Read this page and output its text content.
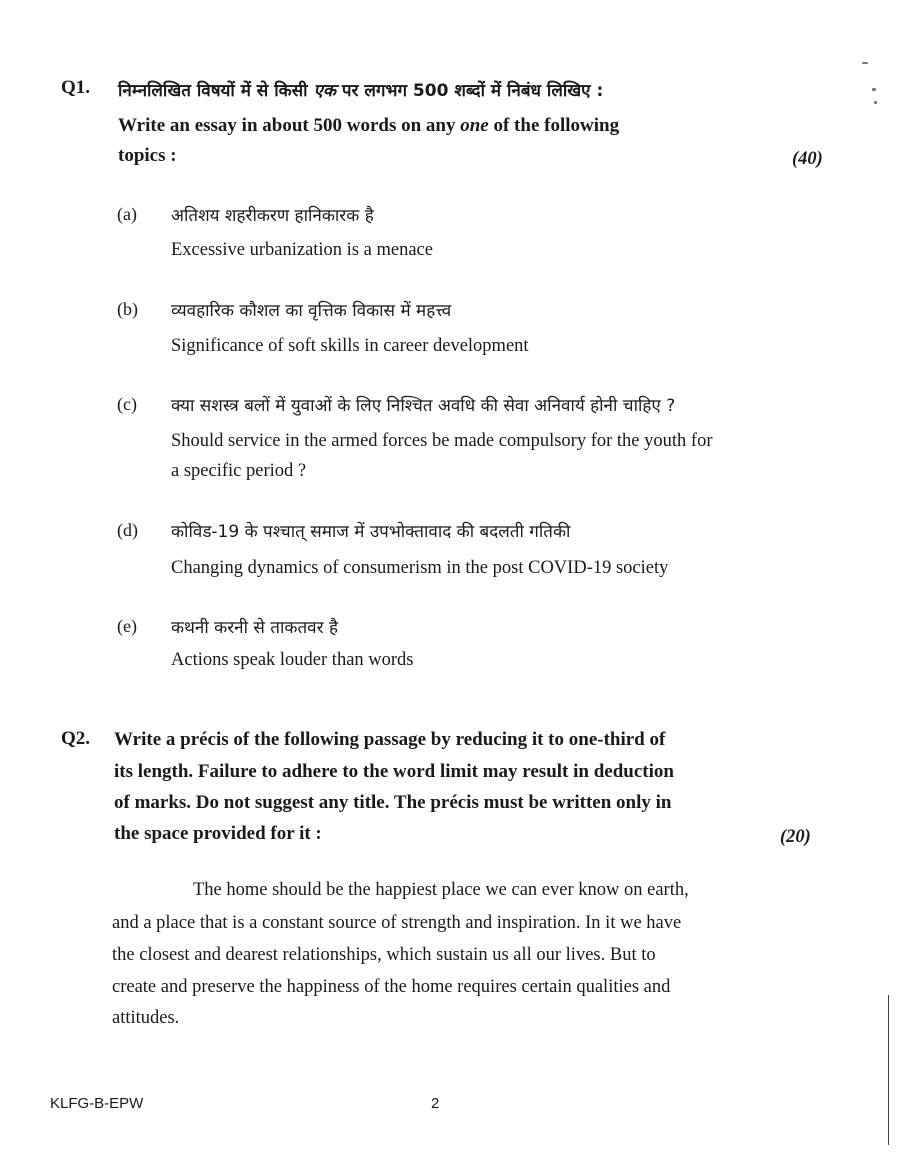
Q1. निम्नलिखित विषयों में से किसी एक पर लगभग 500 शब्दों में निबंध लिखिए :
Write an essay in about 500 words on any one of the following
topics :	(40)
(a) अतिशय शहरीकरण हानिकारक है
Excessive urbanization is a menace
(b) व्यवहारिक कौशल का वृत्तिक विकास में महत्त्व
Significance of soft skills in career development
(c) क्या सशस्त्र बलों में युवाओं के लिए निश्चित अवधि की सेवा अनिवार्य होनी चाहिए ?
Should service in the armed forces be made compulsory for the youth for
a specific period ?
(d) कोविड-19 के पश्चात् समाज में उपभोक्तावाद की बदलती गतिकी
Changing dynamics of consumerism in the post COVID-19 society
(e) कथनी करनी से ताकतवर है
Actions speak louder than words
Q2. Write a précis of the following passage by reducing it to one-third of
its length. Failure to adhere to the word limit may result in deduction
of marks. Do not suggest any title. The précis must be written only in
the space provided for it :	(20)
The home should be the happiest place we can ever know on earth,
and a place that is a constant source of strength and inspiration. In it we have
the closest and dearest relationships, which sustain us all our lives. But to
create and preserve the happiness of the home requires certain qualities and
attitudes.
KLFG-B-EPW	2
